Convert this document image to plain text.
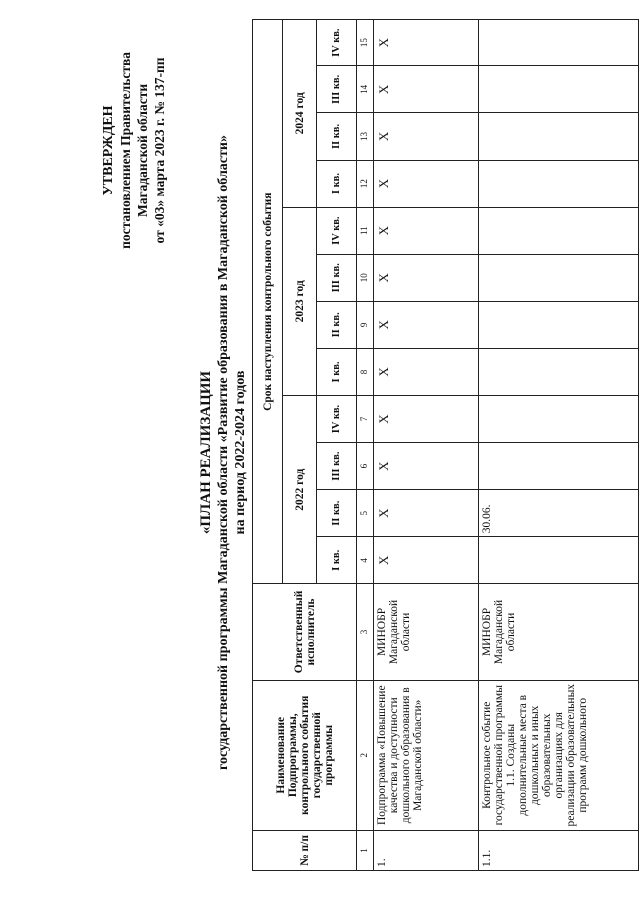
УТВЕРЖДЕН постановлением Правительства Магаданской области от «03» марта 2023 г. № 137-пп
«ПЛАН РЕАЛИЗАЦИИ государственной программы Магаданской области «Развитие образования в Магаданской области» на период 2022-2024 годов
№ п/п	Наименование Подпрограммы, контрольного события государственной программы	Ответственный исполнитель	Срок наступления контрольного события											
			2022 год				2023 год				2024 год			
			I кв.	II кв.	III кв.	IV кв.	I кв.	II кв.	III кв.	IV кв.	I кв.	II кв.	III кв.	IV кв.
1	2	3	4	5	6	7	8	9	10	11	12	13	14	15
1.	Подпрограмма «Повышение качества и доступности дошкольного образования в Магаданской области»	МИНОБР Магаданской области	X	X	X	X	X	X	X	X	X	X	X	X
1.1.	Контрольное событие государственной программы 1.1. Созданы дополнительные места в дошкольных и иных образовательных организациях для реализации образовательных программ дошкольного	МИНОБР Магаданской области		30.06.										
